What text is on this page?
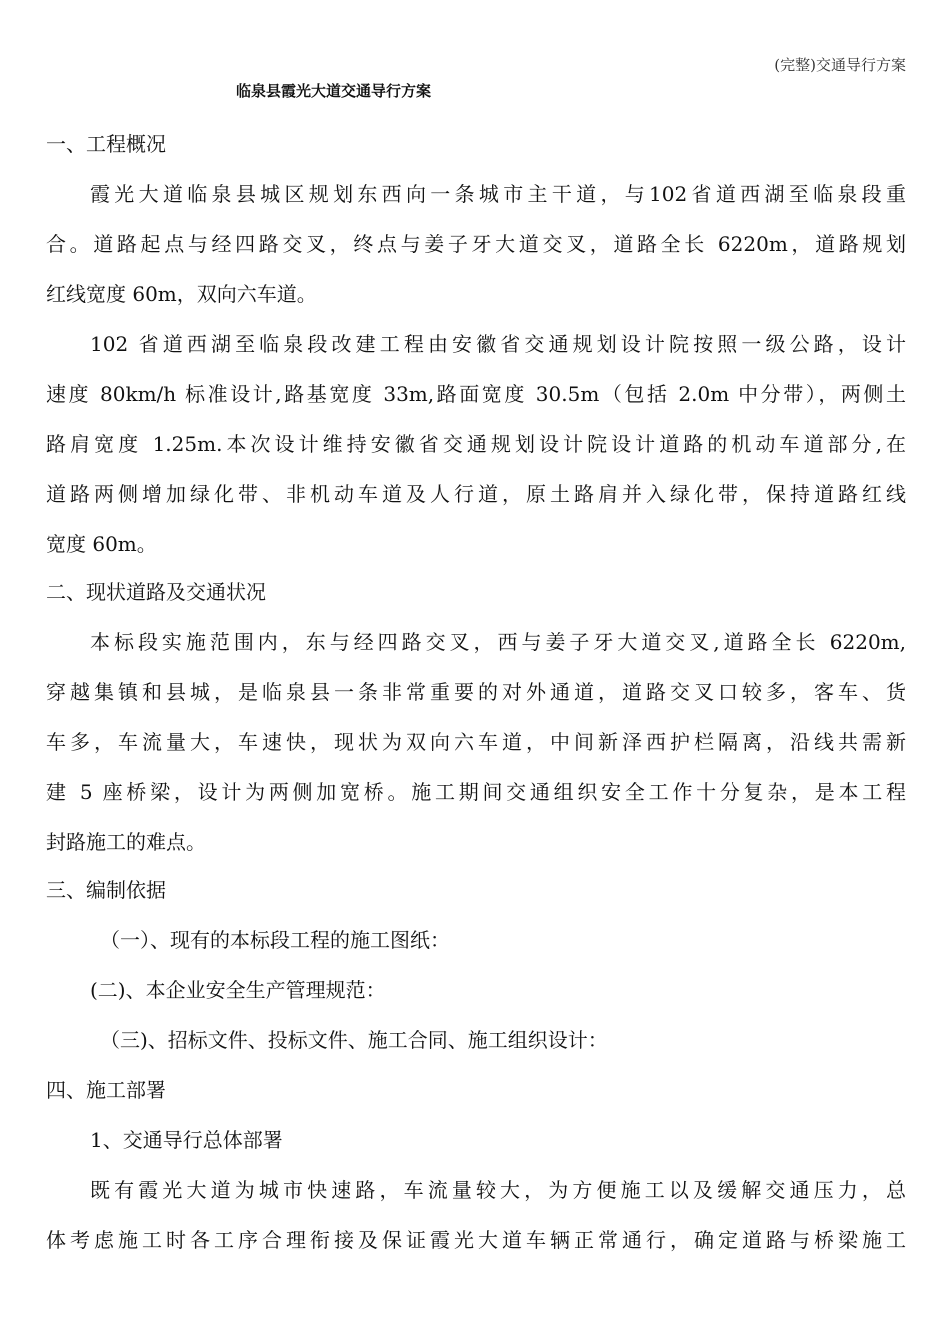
(完整)交通导行方案
临泉县霞光大道交通导行方案
一、工程概况
霞光大道临泉县城区规划东西向一条城市主干道，与102省道西湖至临泉段重
合。道路起点与经四路交叉，终点与姜子牙大道交叉，道路全长 6220m，道路规划
红线宽度 60m，双向六车道。
102 省道西湖至临泉段改建工程由安徽省交通规划设计院按照一级公路，设计
速度 80km/h 标准设计,路基宽度 33m,路面宽度 30.5m（包括 2.0m 中分带），两侧土
路肩宽度 1.25m.本次设计维持安徽省交通规划设计院设计道路的机动车道部分,在
道路两侧增加绿化带、非机动车道及人行道，原土路肩并入绿化带，保持道路红线
宽度 60m。
二、现状道路及交通状况
本标段实施范围内，东与经四路交叉，西与姜子牙大道交叉,道路全长 6220m,
穿越集镇和县城，是临泉县一条非常重要的对外通道，道路交叉口较多，客车、货
车多，车流量大，车速快，现状为双向六车道，中间新泽西护栏隔离，沿线共需新
建 5 座桥梁，设计为两侧加宽桥。施工期间交通组织安全工作十分复杂，是本工程
封路施工的难点。
三、编制依据
（一）、现有的本标段工程的施工图纸：
(二)、本企业安全生产管理规范：
（三)、招标文件、投标文件、施工合同、施工组织设计：
四、施工部署
1、交通导行总体部署
既有霞光大道为城市快速路，车流量较大，为方便施工以及缓解交通压力，总
体考虑施工时各工序合理衔接及保证霞光大道车辆正常通行，确定道路与桥梁施工
